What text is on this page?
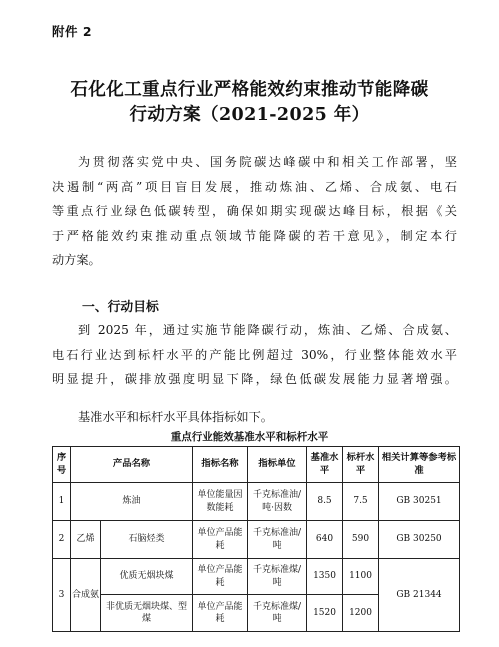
附件 2
石化化工重点行业严格能效约束推动节能降碳
行动方案（2021-2025 年）
为贯彻落实党中央、国务院碳达峰碳中和相关工作部署，坚
决遏制“两高”项目盲目发展，推动炼油、乙烯、合成氨、电石
等重点行业绿色低碳转型，确保如期实现碳达峰目标，根据《关
于严格能效约束推动重点领域节能降碳的若干意见》，制定本行
动方案。
一、行动目标
到 2025 年，通过实施节能降碳行动，炼油、乙烯、合成氨、
电石行业达到标杆水平的产能比例超过 30%，行业整体能效水平
明显提升，碳排放强度明显下降，绿色低碳发展能力显著增强。
基准水平和标杆水平具体指标如下。
重点行业能效基准水平和标杆水平
序号	产品名称		指标名称	指标单位	基准水平	标杆水平	相关计算等参考标准
1	炼油		单位能量因数能耗	千克标准油/吨·因数	8.5	7.5	GB 30251
2	乙烯	石脑烃类	单位产品能耗	千克标准油/吨	640	590	GB 30250
3	合成氨	优质无烟块煤	单位产品能耗	千克标准煤/吨	1350	1100	GB 21344
		非优质无烟块煤、型煤	单位产品能耗	千克标准煤/吨	1520	1200	
